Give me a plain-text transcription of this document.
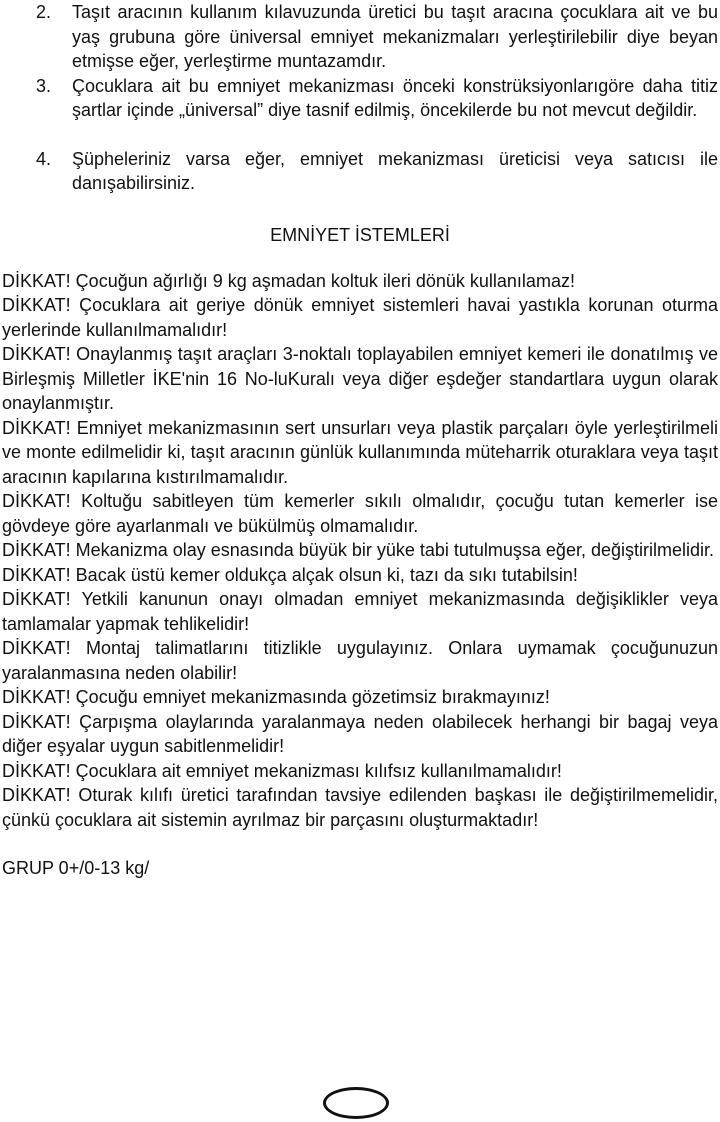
2. Taşıt aracının kullanım kılavuzunda üretici bu taşıt aracına çocuklara ait ve bu yaş grubuna göre üniversal emniyet mekanizmaları yerleştirilebilir diye beyan etmişse eğer, yerleştirme muntazamdır.
3. Çocuklara ait bu emniyet mekanizması önceki konstrüksiyonlarıgöre daha titiz şartlar içinde „üniversal” diye tasnif edilmiş, öncekilerde bu not mevcut değildir.
4. Şüpheleriniz varsa eğer, emniyet mekanizması üreticisi veya satıcısı ile danışabilirsiniz.
EMNİYET İSTEMLERİ

DİKKAT! Çocuğun ağırlığı 9 kg aşmadan koltuk ileri dönük kullanılamaz!

DİKKAT! Çocuklara ait geriye dönük emniyet sistemleri havai yastıkla korunan oturma yerlerinde kullanılmamalıdır!

DİKKAT! Onaylanmış taşıt araçları 3-noktalı toplayabilen emniyet kemeri ile donatılmış ve Birleşmiş Milletler İKE'nin 16 No-luKuralı veya diğer eşdeğer standartlara uygun olarak onaylanmıştır.

DİKKAT! Emniyet mekanizmasının sert unsurları veya plastik parçaları öyle yerleştirilmeli ve monte edilmelidir ki, taşıt aracının günlük kullanımında müteharrik oturaklara veya taşıt aracının kapılarına kıstırılmamalıdır.

DİKKAT! Koltuğu sabitleyen tüm kemerler sıkılı olmalıdır, çocuğu tutan kemerler ise gövdeye göre ayarlanmalı ve bükülmüş olmamalıdır.

DİKKAT! Mekanizma olay esnasında büyük bir yüke tabi tutulmuşsa eğer, değiştirilmelidir.

DİKKAT! Bacak üstü kemer oldukça alçak olsun ki, tazı da sıkı tutabilsin!

DİKKAT! Yetkili kanunun onayı olmadan emniyet mekanizmasında değişiklikler veya tamlamalar yapmak tehlikelidir!

DİKKAT! Montaj talimatlarını titizlikle uygulayınız. Onlara uymamak çocuğunuzun yaralanmasına neden olabilir!

DİKKAT! Çocuğu emniyet mekanizmasında gözetimsiz bırakmayınız!

DİKKAT! Çarpışma olaylarında yaralanmaya neden olabilecek herhangi bir bagaj veya diğer eşyalar uygun sabitlenmelidir!

DİKKAT! Çocuklara ait emniyet mekanizması kılıfsız kullanılmamalıdır!

DİKKAT! Oturak kılıfı üretici tarafından tavsiye edilenden başkası ile değiştirilmemelidir, çünkü çocuklara ait sistemin ayrılmaz bir parçasını oluşturmaktadır!

GRUP 0+/0-13 kg/
